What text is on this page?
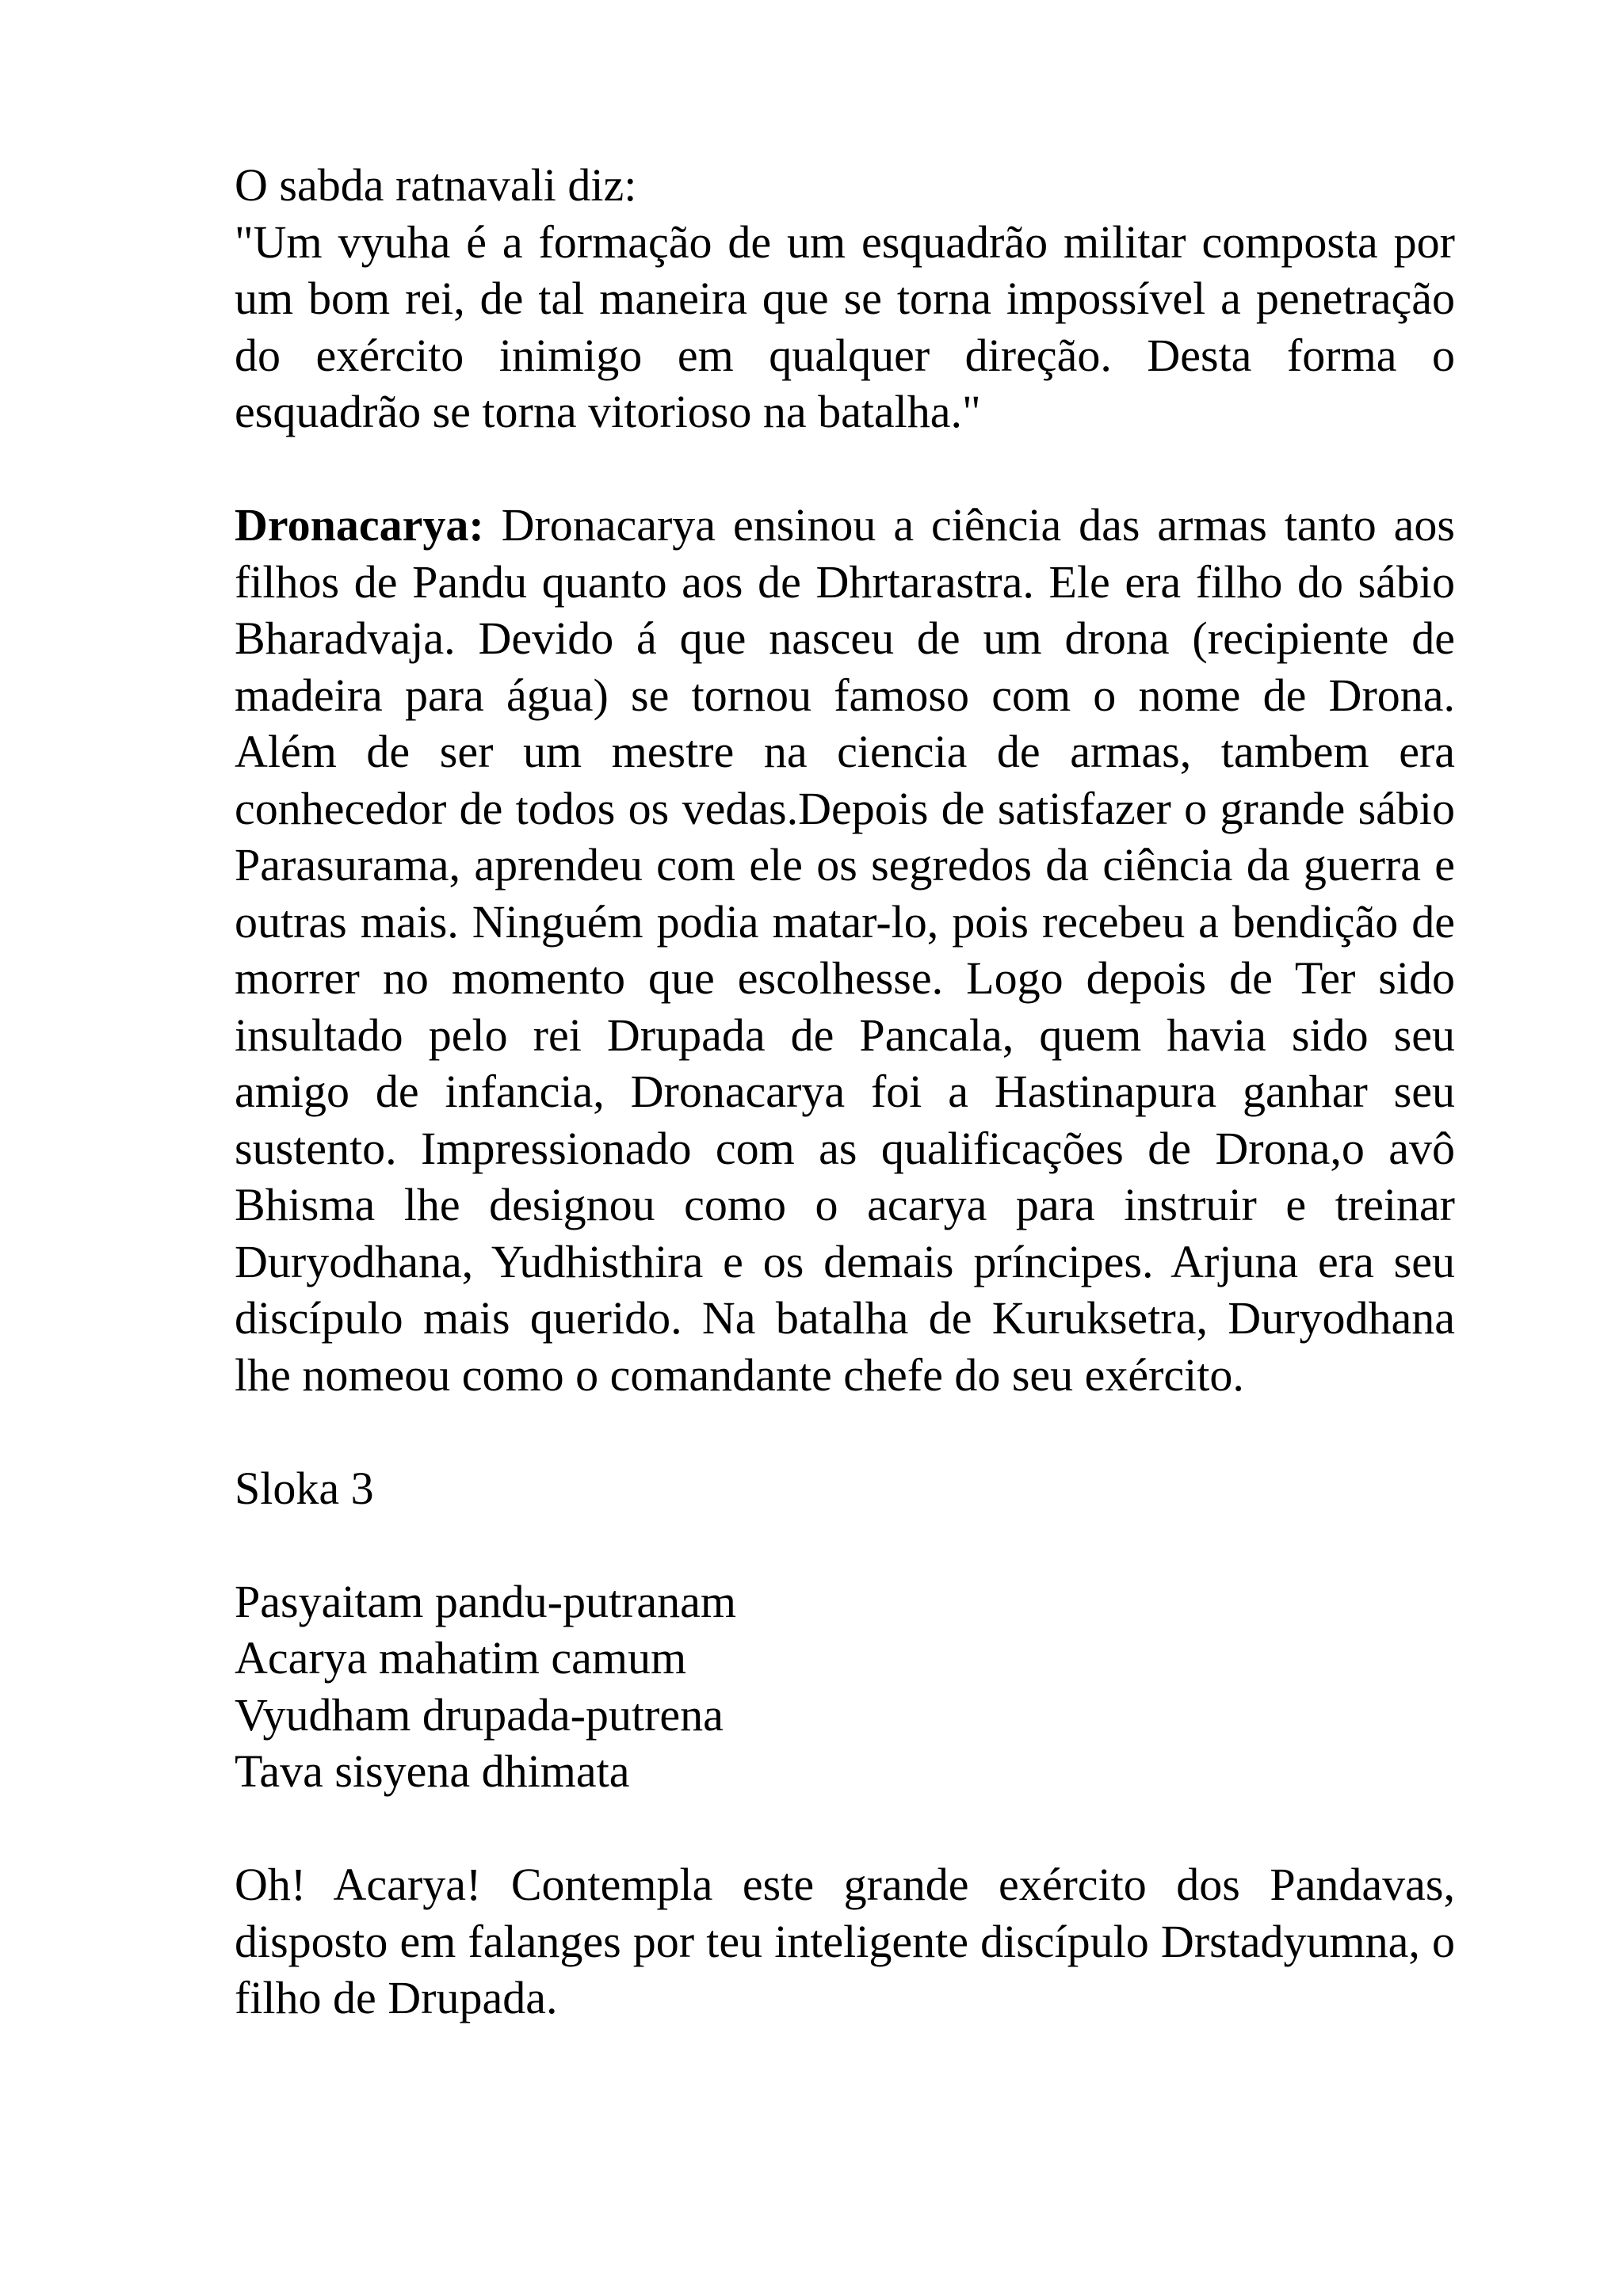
O sabda ratnavali diz:

"Um vyuha é a formação de um esquadrão militar composta por um bom rei, de tal maneira que se torna impossível a penetração do exército inimigo em qualquer direção. Desta forma o esquadrão se torna vitorioso na batalha."

Dronacarya: Dronacarya ensinou a ciência das armas tanto aos filhos de Pandu quanto aos de Dhrtarastra. Ele era filho do sábio Bharadvaja. Devido á que nasceu de um drona (recipiente de madeira para água) se tornou famoso com o nome de Drona. Além de ser um mestre na ciencia de armas, tambem era conhecedor de todos os vedas.Depois de satisfazer o grande sábio Parasurama, aprendeu com ele os segredos da ciência da guerra e outras mais. Ninguém podia matar-lo, pois recebeu a bendição de morrer no momento que escolhesse. Logo depois de Ter sido insultado pelo rei Drupada de Pancala, quem havia sido seu amigo de infancia, Dronacarya foi a Hastinapura ganhar seu sustento. Impressionado com as qualificações de Drona,o avô Bhisma lhe designou como o acarya para instruir e treinar Duryodhana, Yudhisthira e os demais príncipes. Arjuna era seu discípulo mais querido. Na batalha de Kuruksetra, Duryodhana lhe nomeou como o comandante chefe do seu exército.

Sloka 3

Pasyaitam pandu-putranam
Acarya mahatim camum
Vyudham drupada-putrena
Tava sisyena dhimata

Oh! Acarya! Contempla este grande exército dos Pandavas, disposto em falanges por teu inteligente discípulo Drstadyumna, o filho de Drupada.
